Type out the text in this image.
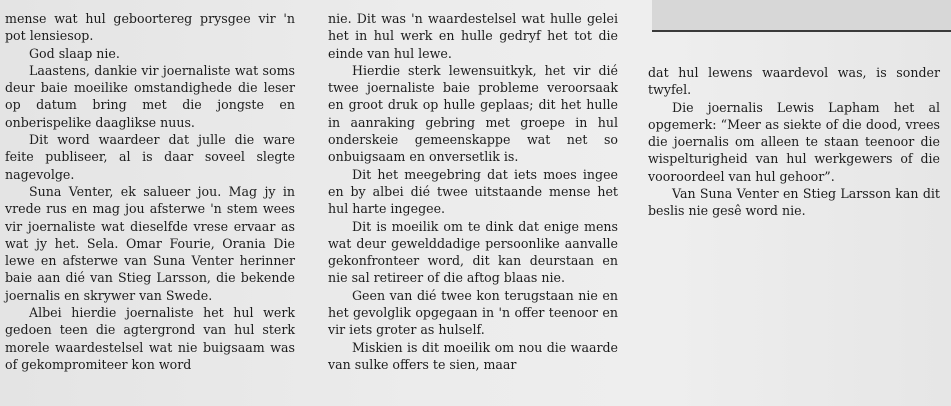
mense wat hul geboortereg prysgee vir 'n pot lensiesop.

God slaap nie.

Laastens, dankie vir joernaliste wat soms deur baie moeilike omstandighede die leser op datum bring met die jongste en onberispelike daaglikse nuus.

Dit word waardeer dat julle die ware feite publiseer, al is daar soveel slegte nagevolge.

Suna Venter, ek salueer jou. Mag jy in vrede rus en mag jou afsterwe 'n stem wees vir joernaliste wat dieselfde vrese ervaar as wat jy het. Sela. Omar Fourie, Orania Die lewe en afsterwe van Suna Venter herinner baie aan dié van Stieg Larsson, die bekende joernalis en skrywer van Swede.

Albei hierdie joernaliste het hul werk gedoen teen die agtergrond van hul sterk morele waardestelsel wat nie buigsaam was of gekompromiteer kon word

nie. Dit was 'n waardestelsel wat hulle gelei het in hul werk en hulle gedryf het tot die einde van hul lewe.

Hierdie sterk lewensuitkyk, het vir dié twee joernaliste baie probleme veroorsaak en groot druk op hulle geplaas; dit het hulle in aanraking gebring met groepe in hul onderskeie gemeenskappe wat net so onbuigsaam en onversetlik is.

Dit het meegebring dat iets moes ingee en by albei dié twee uitstaande mense het hul harte ingegee.

Dit is moeilik om te dink dat enige mens wat deur gewelddadige persoonlike aanvalle gekonfronteer word, dit kan deurstaan en nie sal retireer of die aftog blaas nie.

Geen van dié twee kon terugstaan nie en het gevolglik opgegaan in 'n offer teenoor en vir iets groter as hulself.

Miskien is dit moeilik om nou die waarde van sulke offers te sien, maar

dat hul lewens waardevol was, is sonder twyfel.

Die joernalis Lewis Lapham het al opgemerk: “Meer as siekte of die dood, vrees die joernalis om alleen te staan teenoor die wispelturigheid van hul werkgewers of die vooroordeel van hul gehoor”.

Van Suna Venter en Stieg Larsson kan dit beslis nie gesê word nie.
